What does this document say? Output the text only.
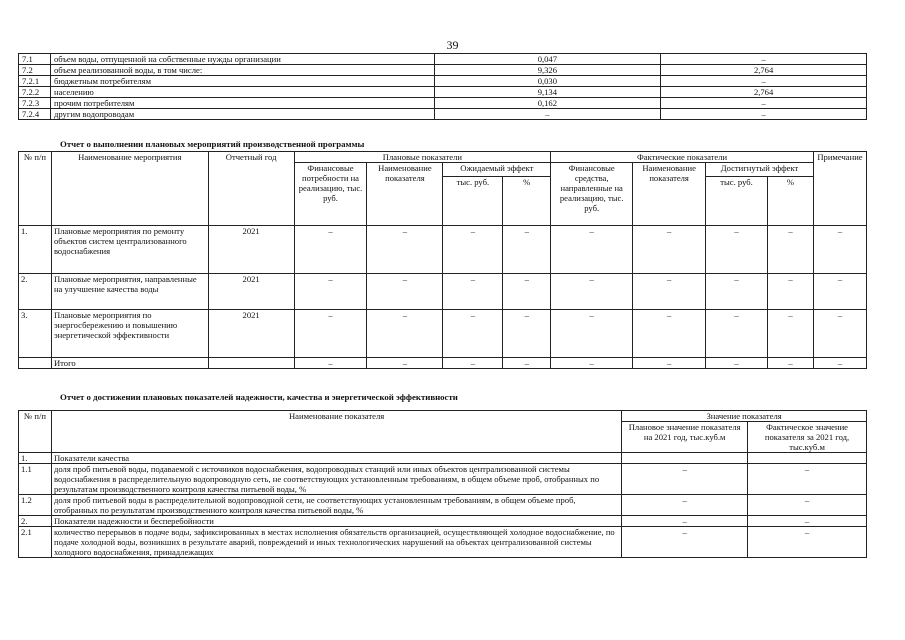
39
7.1	объем воды, отпущенной на собственные нужды организации	0,047	–
7.2	объем реализованной воды, в том числе:	9,326	2,764
7.2.1	бюджетным потребителям	0,030	–
7.2.2	населению	9,134	2,764
7.2.3	прочим потребителям	0,162	–
7.2.4	другим водопроводам	–	–
Отчет о выполнении плановых мероприятий производственной программы
№ п/п	Наименование мероприятия	Отчетный год	Плановые показатели				Фактические показатели				Примечание
			Финансовые потребности на реализацию, тыс. руб.	Наименование показателя	Ожидаемый эффект		Финансовые средства, направленные на реализацию, тыс. руб.	Наименование показателя	Достигнутый эффект		
					тыс. руб.	%			тыс. руб.	%	
1.	Плановые мероприятия по ремонту объектов систем централизованного водоснабжения	2021	–	–	–	–	–	–	–	–	–
2.	Плановые мероприятия, направленные на улучшение качества воды	2021	–	–	–	–	–	–	–	–	–
3.	Плановые мероприятия по энергосбережению и повышению энергетической эффективности	2021	–	–	–	–	–	–	–	–	–
	Итого		–	–	–	–	–	–	–	–	–
Отчет о достижении плановых показателей надежности, качества и энергетической эффективности
№ п/п	Наименование показателя	Значение показателя	
		Плановое значение показателя на 2021 год, тыс.куб.м	Фактическое значение показателя за 2021 год, тыс.куб.м
1.	Показатели качества		
1.1	доля проб питьевой воды, подаваемой с источников водоснабжения, водопроводных станций или иных объектов централизованной системы водоснабжения в распределительную водопроводную сеть, не соответствующих установленным требованиям, в общем объеме проб, отобранных по результатам производственного контроля качества питьевой воды, %	–	–
1.2	доля проб питьевой воды в распределительной водопроводной сети, не соответствующих установленным требованиям, в общем объеме проб, отобранных по результатам производственного контроля качества питьевой воды, %	–	–
2.	Показатели надежности и бесперебойности	–	–
2.1	количество перерывов в подаче воды, зафиксированных в местах исполнения обязательств организацией, осуществляющей холодное водоснабжение, по подаче холодной воды, возникших в результате аварий, повреждений и иных технологических нарушений на объектах централизованной системы холодного водоснабжения, принадлежащих	–	–
